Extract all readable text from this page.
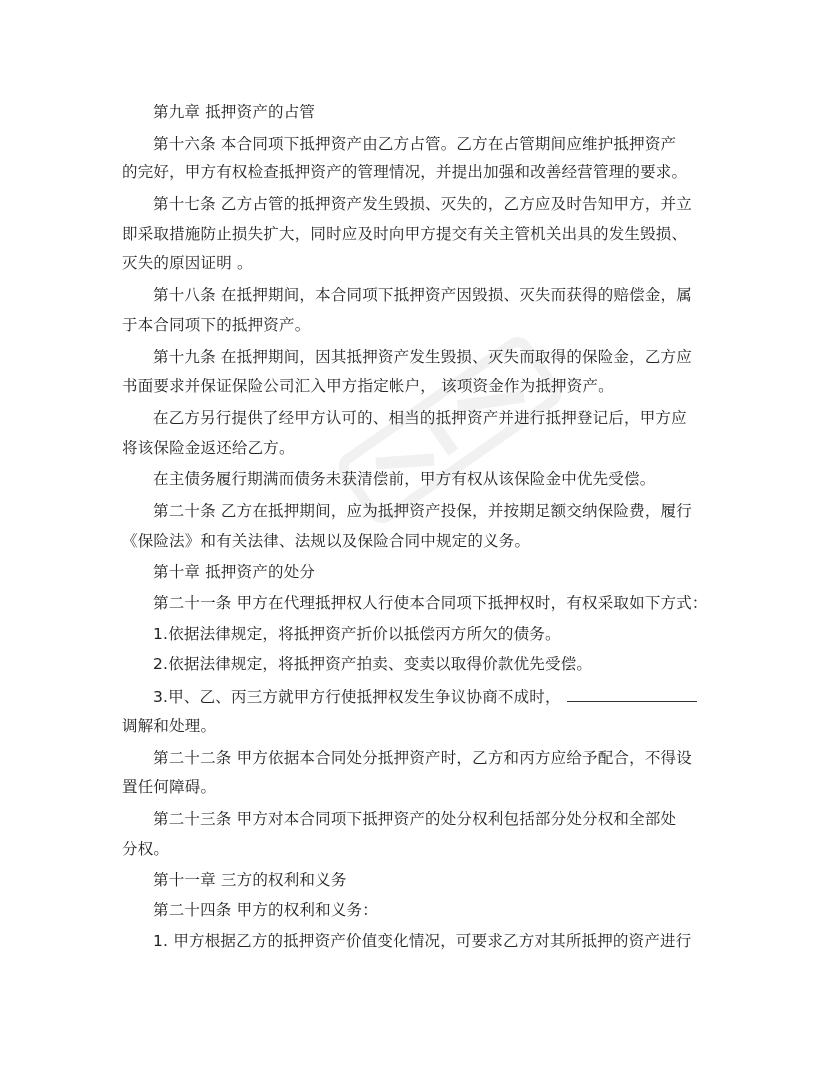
第九章 抵押资产的占管
第十六条 本合同项下抵押资产由乙方占管。乙方在占管期间应维护抵押资产
的完好，甲方有权检查抵押资产的管理情况，并提出加强和改善经营管理的要求。
第十七条 乙方占管的抵押资产发生毁损、灭失的，乙方应及时告知甲方，并立
即采取措施防止损失扩大，同时应及时向甲方提交有关主管机关出具的发生毁损、
灭失的原因证明 。
第十八条 在抵押期间，本合同项下抵押资产因毁损、灭失而获得的赔偿金，属
于本合同项下的抵押资产。
第十九条 在抵押期间，因其抵押资产发生毁损、灭失而取得的保险金，乙方应
书面要求并保证保险公司汇入甲方指定帐户， 该项资金作为抵押资产。
在乙方另行提供了经甲方认可的、相当的抵押资产并进行抵押登记后，甲方应
将该保险金返还给乙方。
在主债务履行期满而债务未获清偿前，甲方有权从该保险金中优先受偿。
第二十条 乙方在抵押期间，应为抵押资产投保，并按期足额交纳保险费，履行
《保险法》和有关法律、法规以及保险合同中规定的义务。
第十章 抵押资产的处分
第二十一条 甲方在代理抵押权人行使本合同项下抵押权时，有权采取如下方式：
1.依据法律规定，将抵押资产折价以抵偿丙方所欠的债务。
2.依据法律规定，将抵押资产拍卖、变卖以取得价款优先受偿。
3.甲、乙、丙三方就甲方行使抵押权发生争议协商不成时，
调解和处理。
第二十二条 甲方依据本合同处分抵押资产时，乙方和丙方应给予配合，不得设
置任何障碍。
第二十三条 甲方对本合同项下抵押资产的处分权利包括部分处分权和全部处
分权。
第十一章 三方的权利和义务
第二十四条 甲方的权利和义务：
1. 甲方根据乙方的抵押资产价值变化情况，可要求乙方对其所抵押的资产进行
